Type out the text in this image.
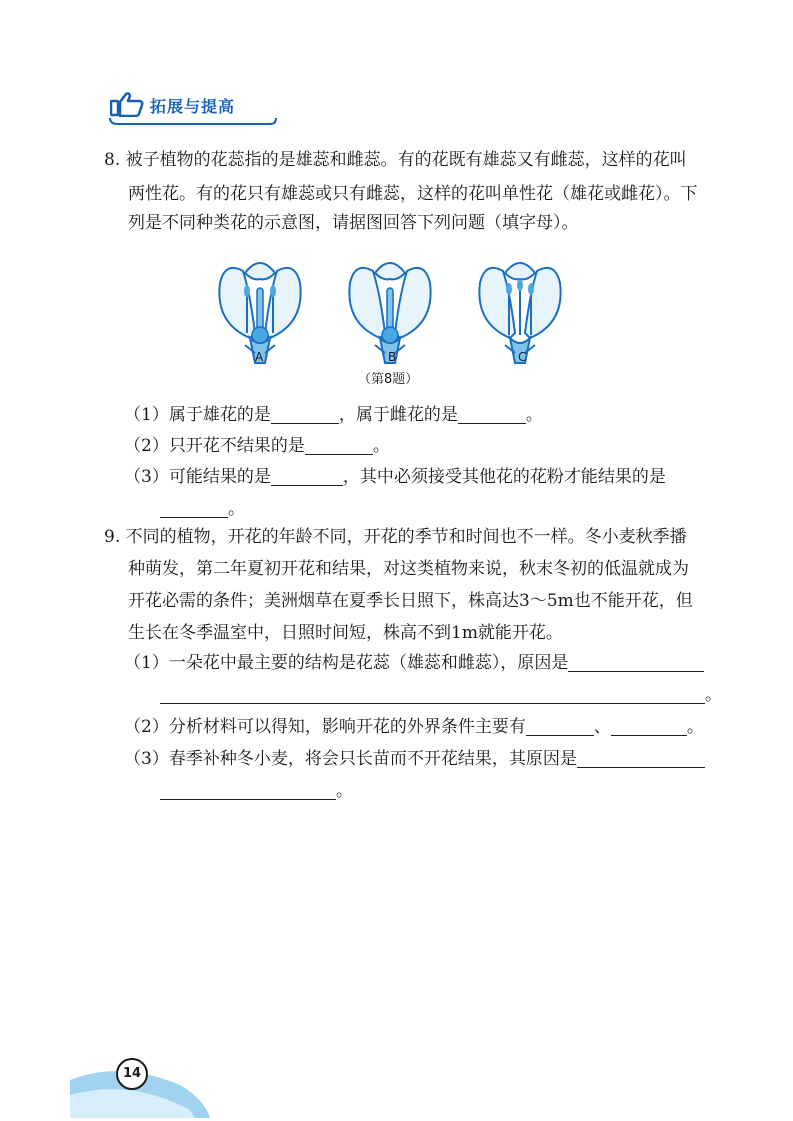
拓展与提高
8. 被子植物的花蕊指的是雄蕊和雌蕊。有的花既有雄蕊又有雌蕊，这样的花叫
两性花。有的花只有雄蕊或只有雌蕊，这样的花叫单性花（雄花或雌花）。下
列是不同种类花的示意图，请据图回答下列问题（填字母）。
A	B	C
（第8题）
（1）属于雄花的是	，属于雌花的是	。
（2）只开花不结果的是	。
（3）可能结果的是	，其中必须接受其他花的花粉才能结果的是
。
9. 不同的植物，开花的年龄不同，开花的季节和时间也不一样。冬小麦秋季播
种萌发，第二年夏初开花和结果，对这类植物来说，秋末冬初的低温就成为
开花必需的条件；美洲烟草在夏季长日照下，株高达3～5m也不能开花，但
生长在冬季温室中，日照时间短，株高不到1m就能开花。
（1）一朵花中最主要的结构是花蕊（雄蕊和雌蕊），原因是
。
（2）分析材料可以得知，影响开花的外界条件主要有	、	。
（3）春季补种冬小麦，将会只长苗而不开花结果，其原因是
。
14
